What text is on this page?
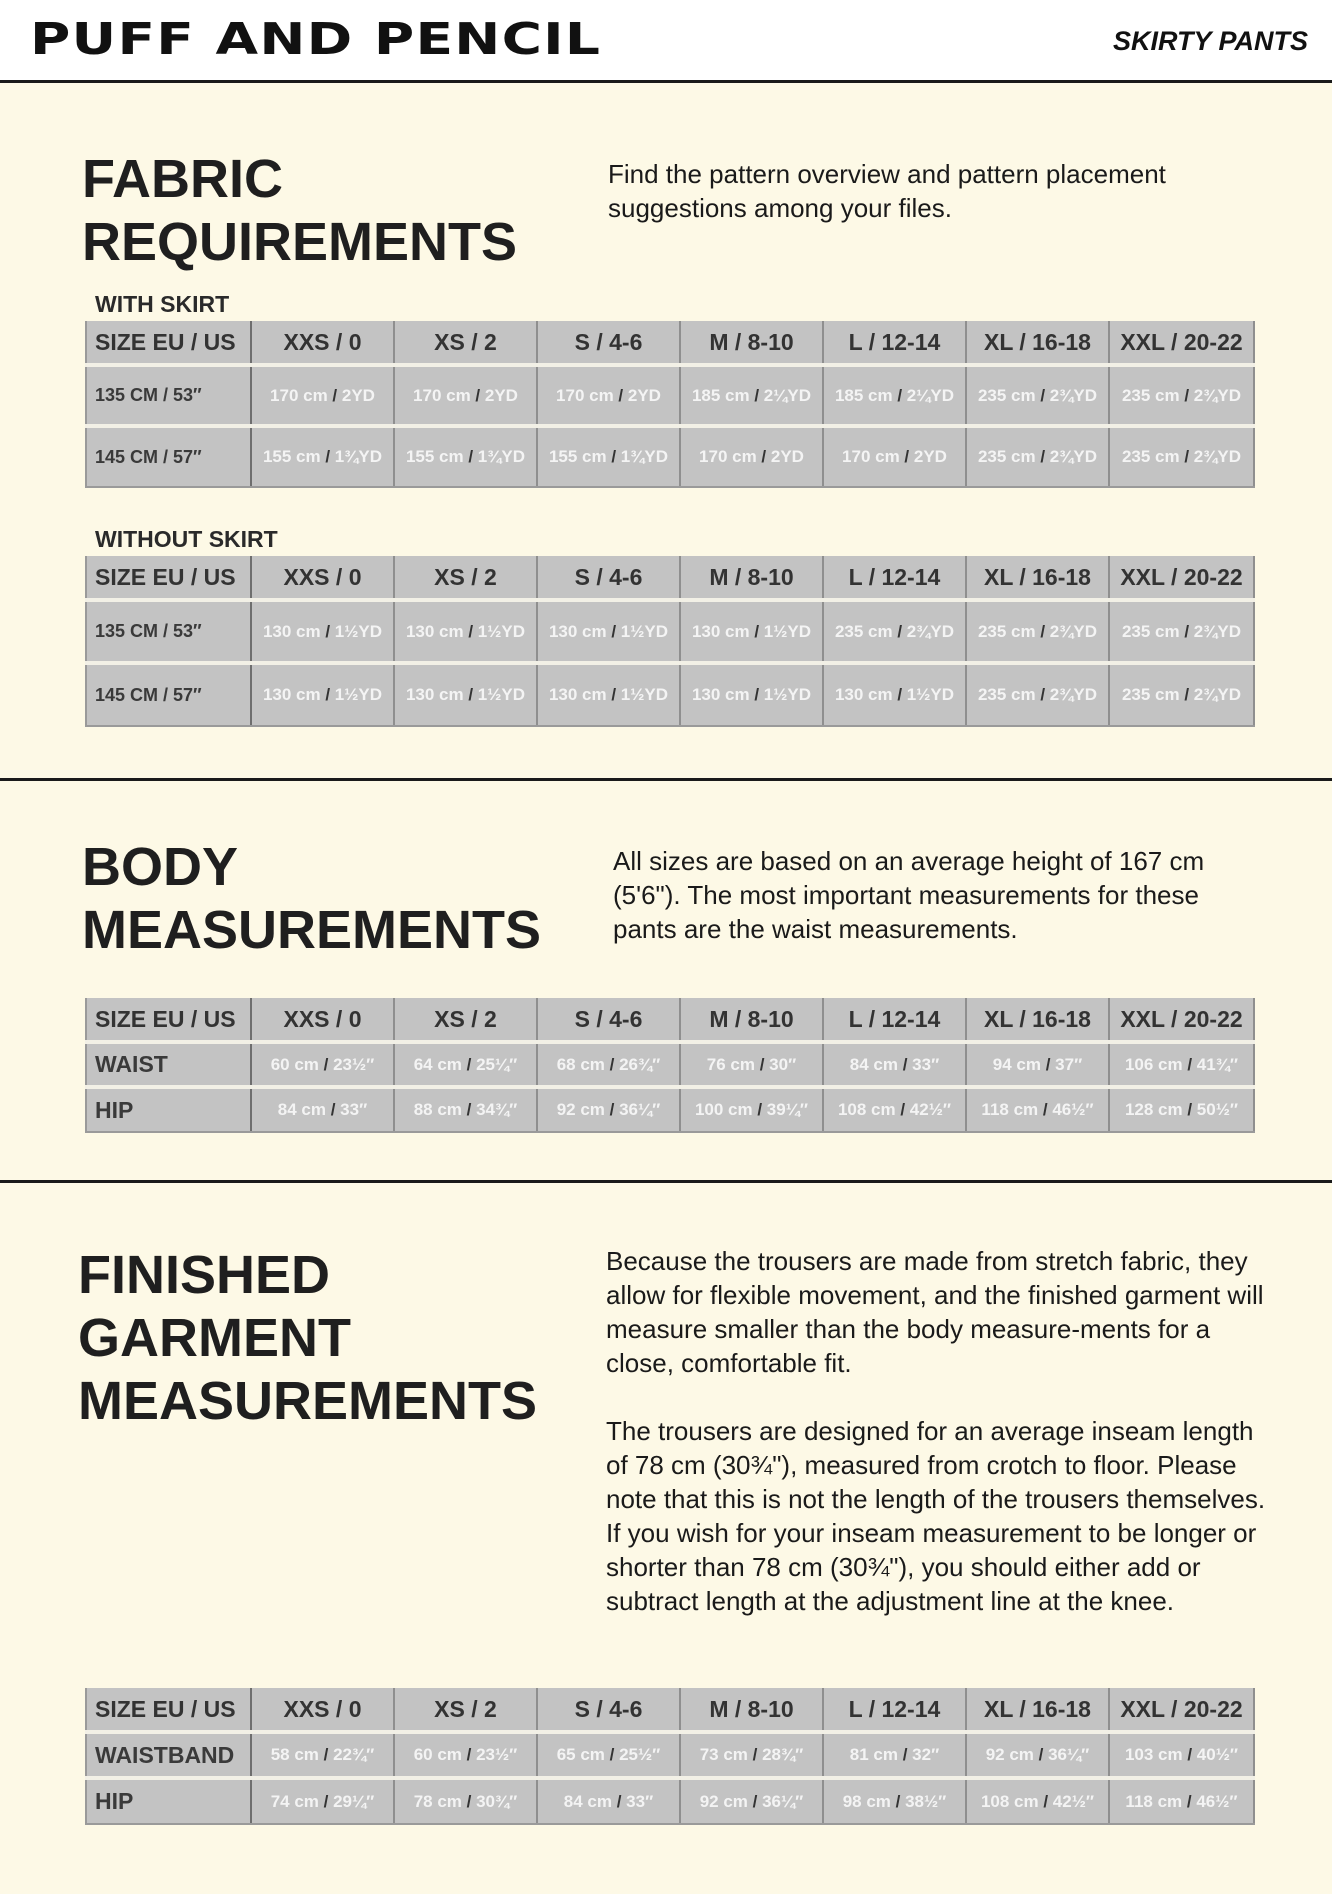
PUFF AND PENCIL	SKIRTY PANTS
FABRIC
REQUIREMENTS

Find the pattern overview and pattern placement suggestions among your files.

WITH SKIRT
SIZE EU / US	XXS / 0	XS / 2	S / 4-6	M / 8-10	L / 12-14	XL / 16-18	XXL / 20-22
135 CM / 53″	170 cm / 2YD	170 cm / 2YD	170 cm / 2YD	185 cm / 2¼YD	185 cm / 2¼YD	235 cm / 2¾YD	235 cm / 2¾YD
145 CM / 57″	155 cm / 1¾YD	155 cm / 1¾YD	155 cm / 1¾YD	170 cm / 2YD	170 cm / 2YD	235 cm / 2¾YD	235 cm / 2¾YD
WITHOUT SKIRT
SIZE EU / US	XXS / 0	XS / 2	S / 4-6	M / 8-10	L / 12-14	XL / 16-18	XXL / 20-22
135 CM / 53″	130 cm / 1½YD	130 cm / 1½YD	130 cm / 1½YD	130 cm / 1½YD	235 cm / 2¾YD	235 cm / 2¾YD	235 cm / 2¾YD
145 CM / 57″	130 cm / 1½YD	130 cm / 1½YD	130 cm / 1½YD	130 cm / 1½YD	130 cm / 1½YD	235 cm / 2¾YD	235 cm / 2¾YD
BODY
MEASUREMENTS

All sizes are based on an average height of 167 cm (5'6"). The most important measurements for these pants are the waist measurements.

SIZE EU / US	XXS / 0	XS / 2	S / 4-6	M / 8-10	L / 12-14	XL / 16-18	XXL / 20-22
WAIST	60 cm / 23½″	64 cm / 25¼″	68 cm / 26¾″	76 cm / 30″	84 cm / 33″	94 cm / 37″	106 cm / 41¾″
HIP	84 cm / 33″	88 cm / 34¾″	92 cm / 36¼″	100 cm / 39¼″	108 cm / 42½″	118 cm / 46½″	128 cm / 50½″
FINISHED
GARMENT
MEASUREMENTS

Because the trousers are made from stretch fabric, they allow for flexible movement, and the finished garment will measure smaller than the body measure-ments for a close, comfortable fit.

The trousers are designed for an average inseam length of 78 cm (30¾"), measured from crotch to floor. Please note that this is not the length of the trousers themselves. If you wish for your inseam measurement to be longer or shorter than 78 cm (30¾"), you should either add or subtract length at the adjustment line at the knee.

SIZE EU / US	XXS / 0	XS / 2	S / 4-6	M / 8-10	L / 12-14	XL / 16-18	XXL / 20-22
WAISTBAND	58 cm / 22¾″	60 cm / 23½″	65 cm / 25½″	73 cm / 28¾″	81 cm / 32″	92 cm / 36¼″	103 cm / 40½″
HIP	74 cm / 29¼″	78 cm / 30¾″	84 cm / 33″	92 cm / 36¼″	98 cm / 38½″	108 cm / 42½″	118 cm / 46½″
